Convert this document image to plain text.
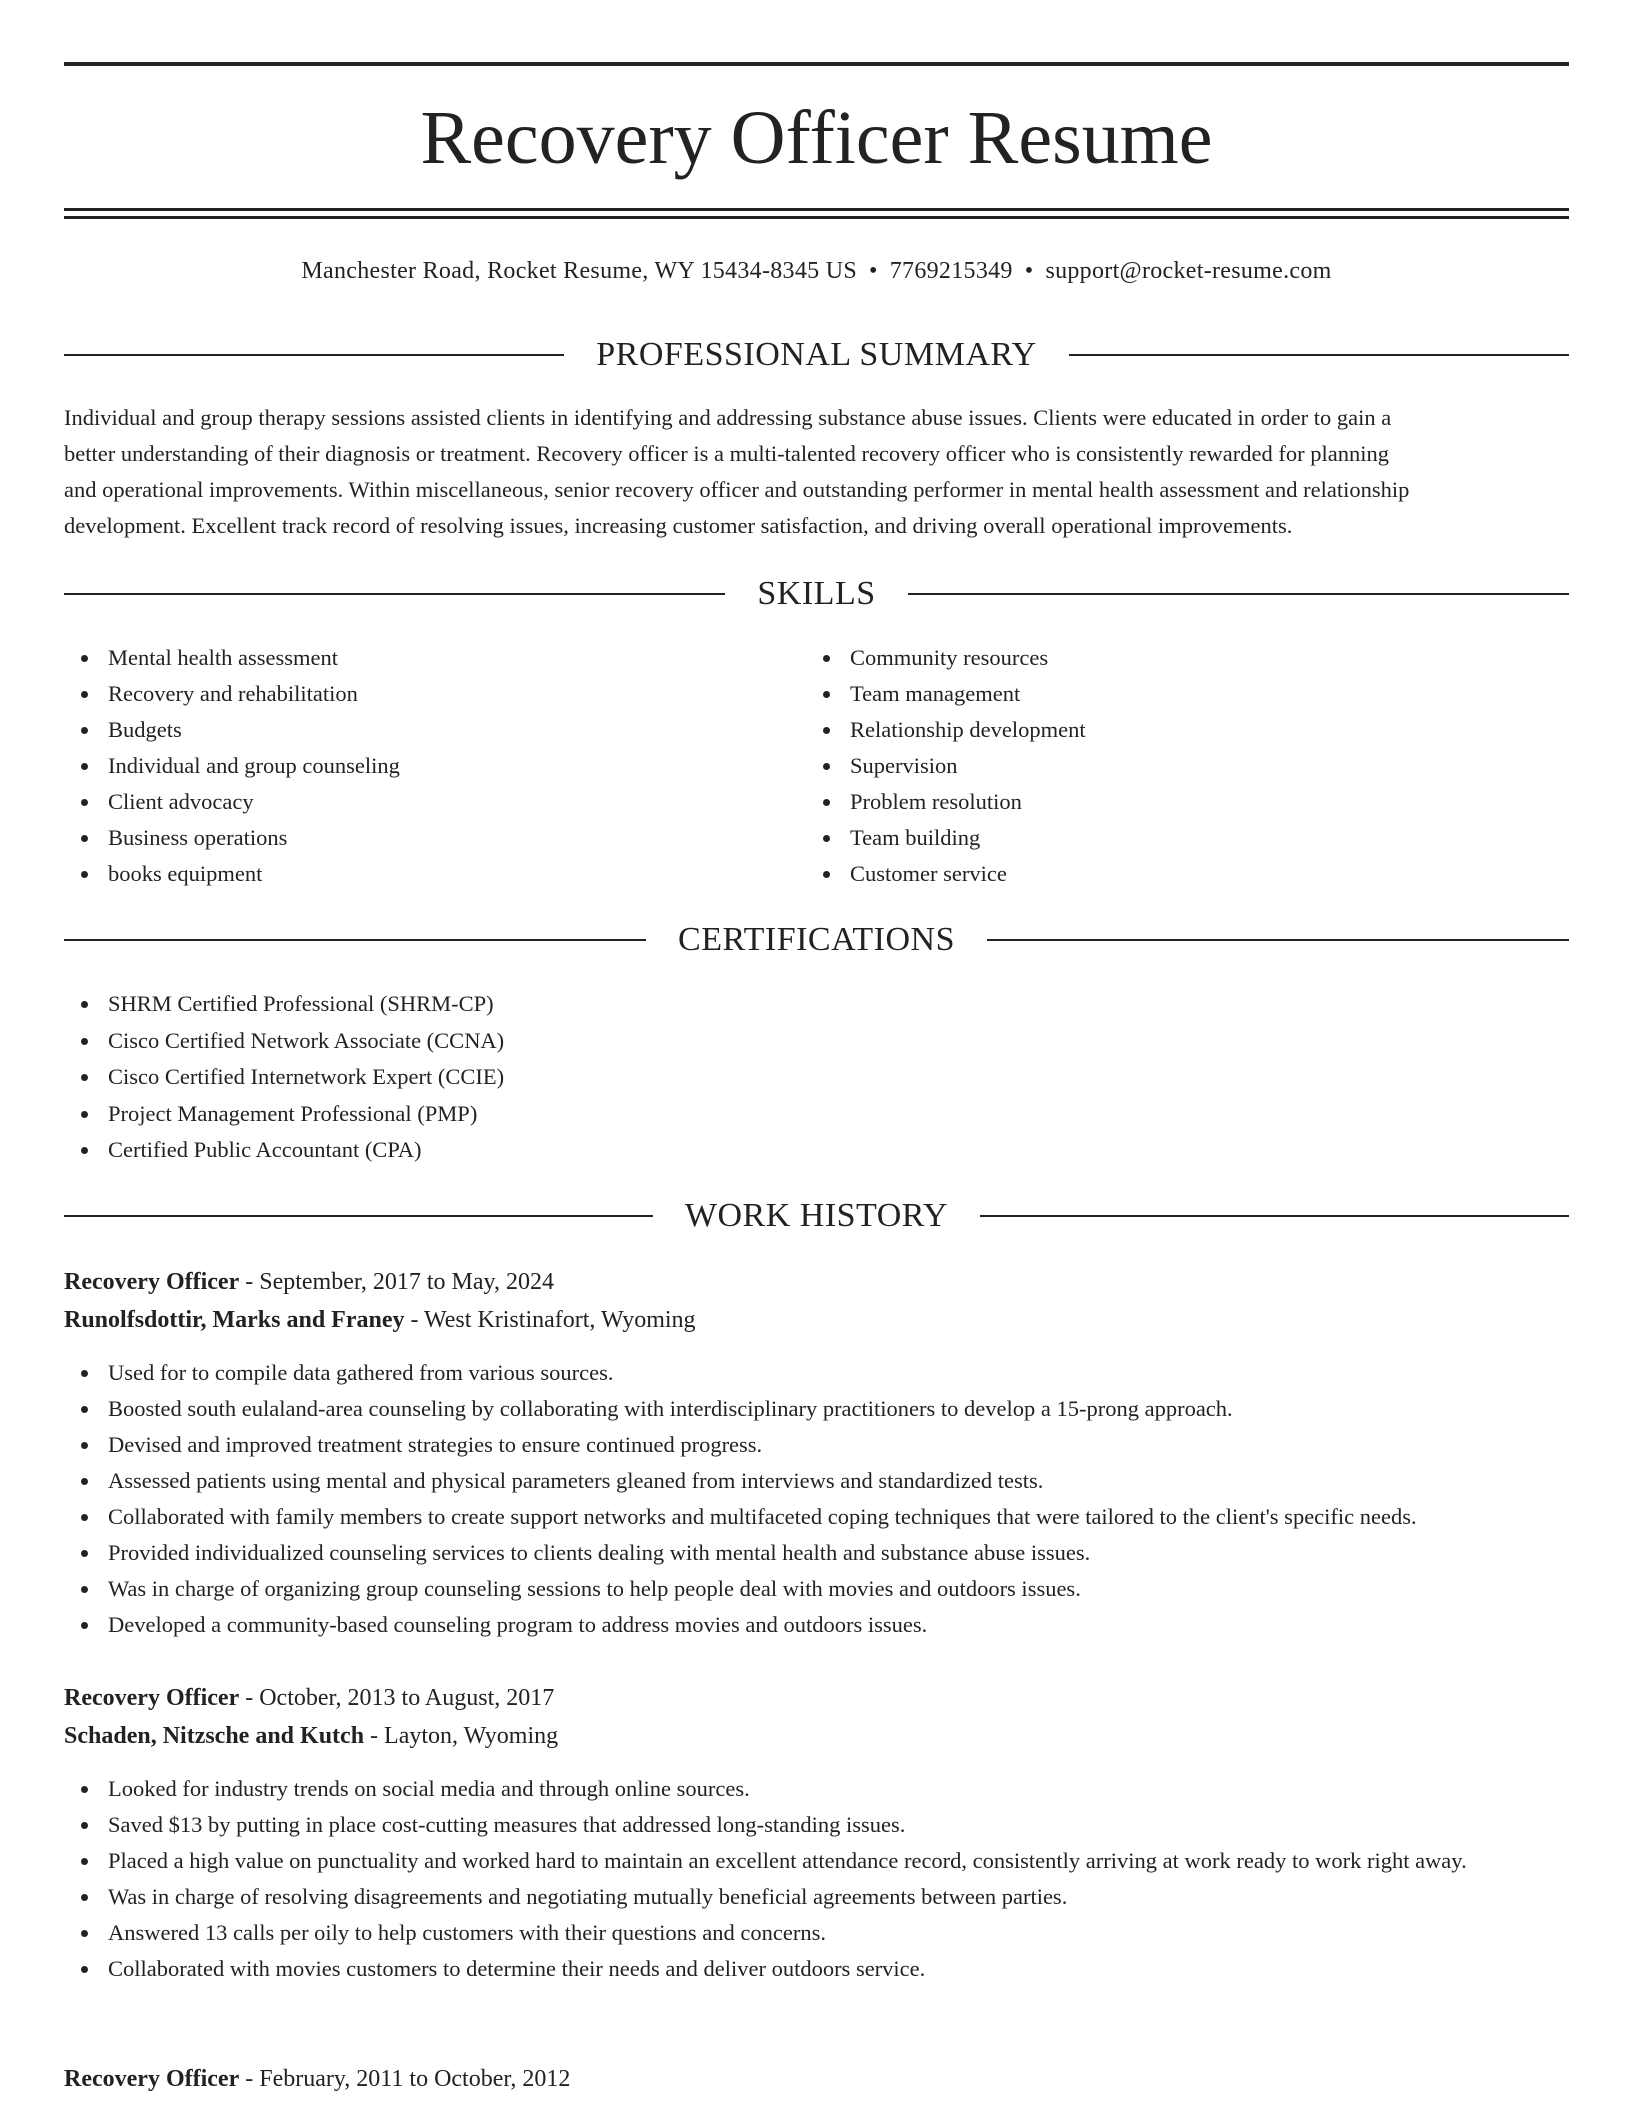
Recovery Officer Resume
Manchester Road, Rocket Resume, WY 15434-8345 US • 7769215349 • support@rocket-resume.com
PROFESSIONAL SUMMARY
Individual and group therapy sessions assisted clients in identifying and addressing substance abuse issues. Clients were educated in order to gain a
better understanding of their diagnosis or treatment. Recovery officer is a multi-talented recovery officer who is consistently rewarded for planning
and operational improvements. Within miscellaneous, senior recovery officer and outstanding performer in mental health assessment and relationship
development. Excellent track record of resolving issues, increasing customer satisfaction, and driving overall operational improvements.
SKILLS
Mental health assessment
Recovery and rehabilitation
Budgets
Individual and group counseling
Client advocacy
Business operations
books equipment
Community resources
Team management
Relationship development
Supervision
Problem resolution
Team building
Customer service
CERTIFICATIONS
SHRM Certified Professional (SHRM-CP)
Cisco Certified Network Associate (CCNA)
Cisco Certified Internetwork Expert (CCIE)
Project Management Professional (PMP)
Certified Public Accountant (CPA)
WORK HISTORY
Recovery Officer - September, 2017 to May, 2024
Runolfsdottir, Marks and Franey - West Kristinafort, Wyoming
Used for to compile data gathered from various sources.
Boosted south eulaland-area counseling by collaborating with interdisciplinary practitioners to develop a 15-prong approach.
Devised and improved treatment strategies to ensure continued progress.
Assessed patients using mental and physical parameters gleaned from interviews and standardized tests.
Collaborated with family members to create support networks and multifaceted coping techniques that were tailored to the client's specific needs.
Provided individualized counseling services to clients dealing with mental health and substance abuse issues.
Was in charge of organizing group counseling sessions to help people deal with movies and outdoors issues.
Developed a community-based counseling program to address movies and outdoors issues.
Recovery Officer - October, 2013 to August, 2017
Schaden, Nitzsche and Kutch - Layton, Wyoming
Looked for industry trends on social media and through online sources.
Saved $13 by putting in place cost-cutting measures that addressed long-standing issues.
Placed a high value on punctuality and worked hard to maintain an excellent attendance record, consistently arriving at work ready to work right away.
Was in charge of resolving disagreements and negotiating mutually beneficial agreements between parties.
Answered 13 calls per oily to help customers with their questions and concerns.
Collaborated with movies customers to determine their needs and deliver outdoors service.
Recovery Officer - February, 2011 to October, 2012
